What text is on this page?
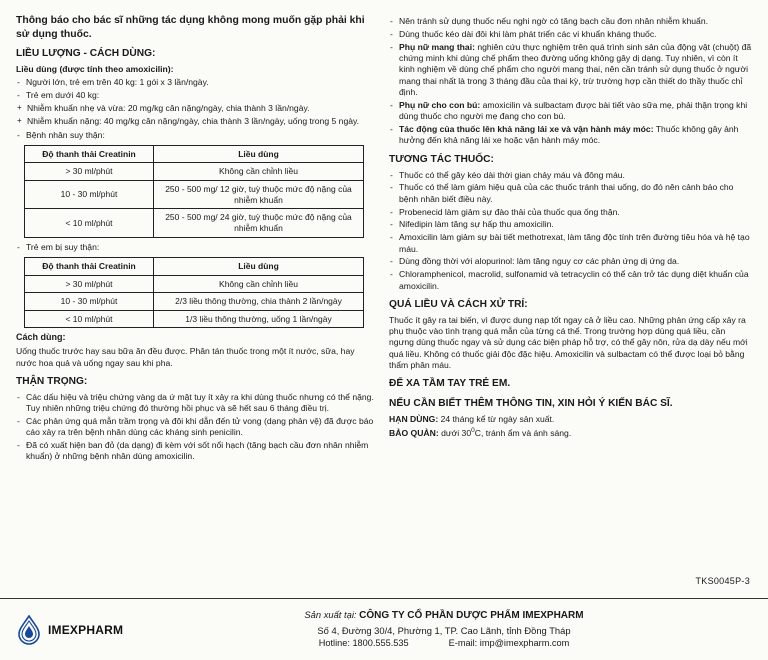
Thông báo cho bác sĩ những tác dụng không mong muốn gặp phải khi sử dụng thuốc.
LIỀU LƯỢNG - CÁCH DÙNG:

Liều dùng (được tính theo amoxicilin):

- Người lớn, trẻ em trên 40 kg: 1 gói x 3 lần/ngày.
- Trẻ em dưới 40 kg:
+ Nhiễm khuẩn nhẹ và vừa: 20 mg/kg cân nặng/ngày, chia thành 3 lần/ngày.
+ Nhiễm khuẩn nặng: 40 mg/kg cân nặng/ngày, chia thành 3 lần/ngày, uống trong 5 ngày.
- Bệnh nhân suy thận:
Độ thanh thải Creatinin	Liều dùng
> 30 ml/phút	Không cần chỉnh liều
10 - 30 ml/phút	250 - 500 mg/ 12 giờ, tuỳ thuộc mức độ nặng của nhiễm khuẩn
< 10 ml/phút	250 - 500 mg/ 24 giờ, tuỳ thuộc mức độ nặng của nhiễm khuẩn
- Trẻ em bị suy thận:
Độ thanh thải Creatinin	Liều dùng
> 30 ml/phút	Không cần chỉnh liều
10 - 30 ml/phút	2/3 liều thông thường, chia thành 2 lần/ngày
< 10 ml/phút	1/3 liều thông thường, uống 1 lần/ngày
Cách dùng:

Uống thuốc trước hay sau bữa ăn đều được. Phân tán thuốc trong một ít nước, sữa, hay nước hoa quả và uống ngay sau khi pha.

THẬN TRỌNG:
- Các dấu hiệu và triệu chứng vàng da ứ mật tuy ít xảy ra khi dùng thuốc nhưng có thể nặng. Tuy nhiên những triệu chứng đó thường hồi phục và sẽ hết sau 6 tháng điều trị.
- Các phản ứng quá mẫn trầm trọng và đôi khi dẫn đến tử vong (dạng phản vệ) đã được báo cáo xảy ra trên bệnh nhân dùng các kháng sinh penicilin.
- Đã có xuất hiện ban đỏ (da dạng) đi kèm với sốt nổi hạch (tăng bạch cầu đơn nhân nhiễm khuẩn) ở những bệnh nhân dùng amoxicilin.
- Nên tránh sử dụng thuốc nếu nghi ngờ có tăng bạch cầu đơn nhân nhiễm khuẩn.
- Dùng thuốc kéo dài đôi khi làm phát triển các vi khuẩn kháng thuốc.
- Phụ nữ mang thai: nghiên cứu thực nghiệm trên quá trình sinh sản của động vật (chuột) đã chứng minh khi dùng chế phẩm theo đường uống không gây dị dạng. Tuy nhiên, vì còn ít kinh nghiệm về dùng chế phẩm cho người mang thai, nên cần tránh sử dụng thuốc ở người mang thai nhất là trong 3 tháng đầu của thai kỳ, trừ trường hợp cần thiết do thầy thuốc chỉ định.
- Phụ nữ cho con bú: amoxicilin và sulbactam được bài tiết vào sữa mẹ, phải thận trọng khi dùng thuốc cho người mẹ đang cho con bú.
- Tác động của thuốc lên khả năng lái xe và vận hành máy móc: Thuốc không gây ảnh hưởng đến khả năng lái xe hoặc vận hành máy móc.
TƯƠNG TÁC THUỐC:
- Thuốc có thể gây kéo dài thời gian chảy máu và đông máu.
- Thuốc có thể làm giảm hiệu quả của các thuốc tránh thai uống, do đó nên cảnh báo cho bệnh nhân biết điều này.
- Probenecid làm giảm sự đào thải của thuốc qua ống thận.
- Nifedipin làm tăng sự hấp thu amoxicilin.
- Amoxicilin làm giảm sự bài tiết methotrexat, làm tăng độc tính trên đường tiêu hóa và hệ tạo máu.
- Dùng đồng thời với alopurinol: làm tăng nguy cơ các phản ứng dị ứng da.
- Chloramphenicol, macrolid, sulfonamid và tetracyclin có thể cản trở tác dụng diệt khuẩn của amoxicilin.
QUÁ LIỀU VÀ CÁCH XỬ TRÍ:

Thuốc ít gây ra tai biến, vì được dung nạp tốt ngay cả ở liều cao. Những phản ứng cấp xảy ra phụ thuộc vào tình trạng quá mẫn của từng cá thể. Trong trường hợp dùng quá liều, cần ngưng dùng thuốc ngay và sử dụng các biện pháp hỗ trợ, có thể gây nôn, rửa dạ dày nếu mới quá liều. Không có thuốc giải độc đặc hiệu. Amoxicilin và sulbactam có thể được loại bỏ bằng thẩm phân máu.

ĐỂ XA TẦM TAY TRẺ EM.
NẾU CẦN BIẾT THÊM THÔNG TIN, XIN HỎI Ý KIẾN BÁC SĨ.

HẠN DÙNG: 24 tháng kể từ ngày sản xuất.

BẢO QUẢN: dưới $30^0C$, tránh ẩm và ánh sáng.

TKS0045P-3
IMEXPHARM
Sản xuất tại: CÔNG TY CỔ PHẦN DƯỢC PHẨM IMEXPHARM
Số 4, Đường 30/4, Phường 1, TP. Cao Lãnh, tỉnh Đồng Tháp
Hotline: 1800.555.535	E-mail: imp@imexpharm.com
